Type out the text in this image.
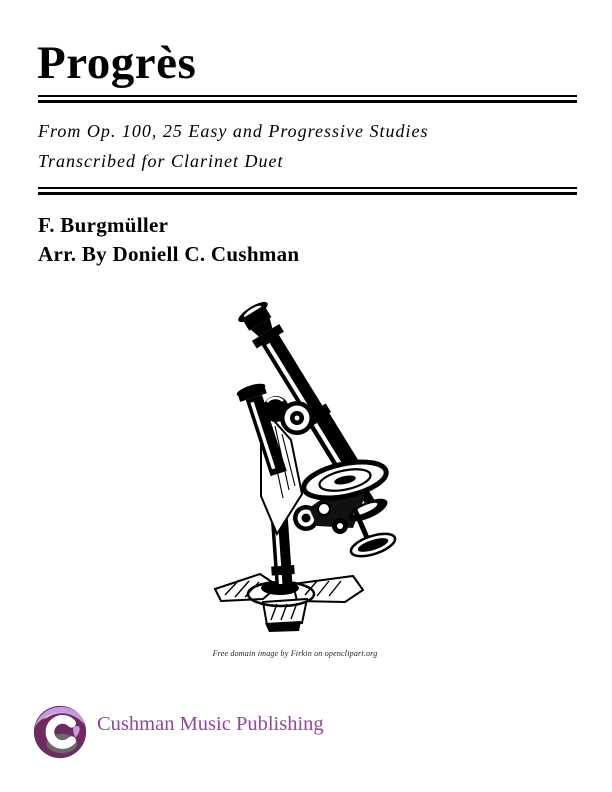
Progrès
From Op. 100, 25 Easy and Progressive Studies
Transcribed for Clarinet Duet
F. Burgmüller
Arr. By Doniell C. Cushman
Free domain image by Firkin on openclipart.org
Cushman Music Publishing
